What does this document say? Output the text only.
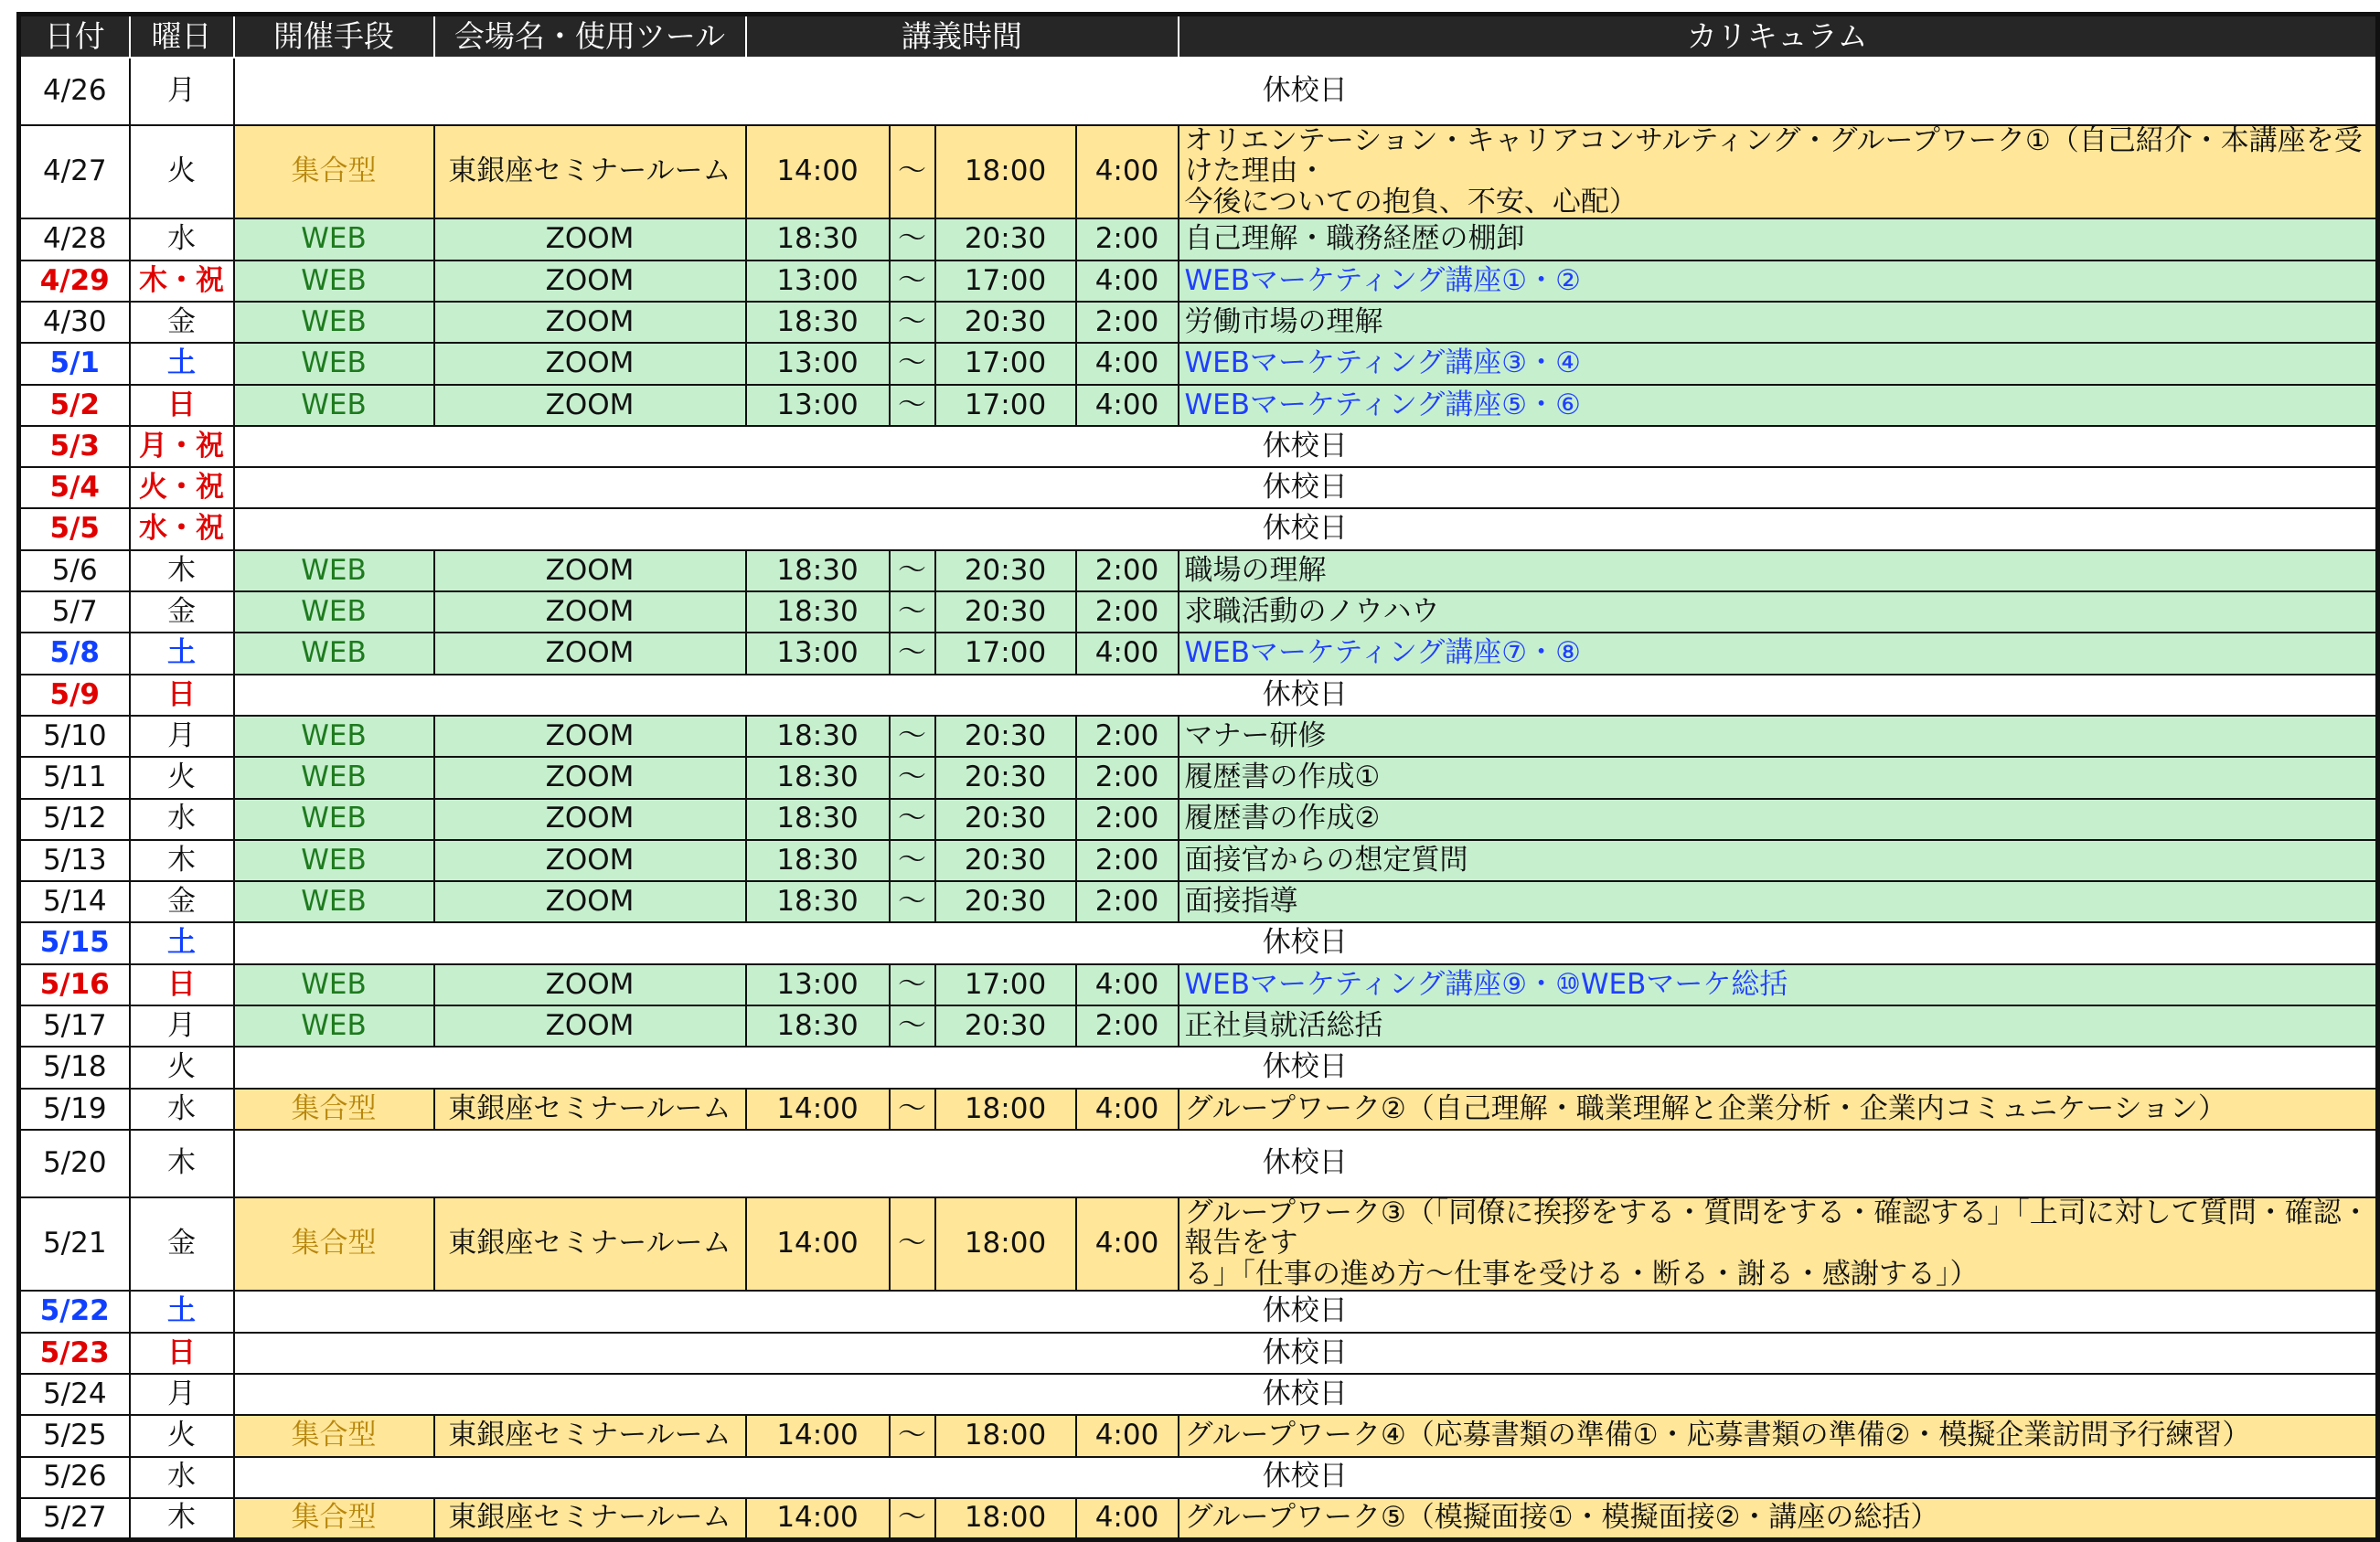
日付	曜日	開催手段	会場名・使用ツール	講義時間				カリキュラム
4/26	月	休校日						
4/27	火	集合型	東銀座セミナールーム	14:00	～	18:00	4:00	オリエンテーション・キャリアコンサルティング・グループワーク①（自己紹介・本講座を受けた理由・
今後についての抱負、不安、心配）
4/28	水	WEB	ZOOM	18:30	～	20:30	2:00	自己理解・職務経歴の棚卸
4/29	木・祝	WEB	ZOOM	13:00	～	17:00	4:00	WEBマーケティング講座①・②
4/30	金	WEB	ZOOM	18:30	～	20:30	2:00	労働市場の理解
5/1	土	WEB	ZOOM	13:00	～	17:00	4:00	WEBマーケティング講座③・④
5/2	日	WEB	ZOOM	13:00	～	17:00	4:00	WEBマーケティング講座⑤・⑥
5/3	月・祝	休校日						
5/4	火・祝	休校日						
5/5	水・祝	休校日						
5/6	木	WEB	ZOOM	18:30	～	20:30	2:00	職場の理解
5/7	金	WEB	ZOOM	18:30	～	20:30	2:00	求職活動のノウハウ
5/8	土	WEB	ZOOM	13:00	～	17:00	4:00	WEBマーケティング講座⑦・⑧
5/9	日	休校日						
5/10	月	WEB	ZOOM	18:30	～	20:30	2:00	マナー研修
5/11	火	WEB	ZOOM	18:30	～	20:30	2:00	履歴書の作成①
5/12	水	WEB	ZOOM	18:30	～	20:30	2:00	履歴書の作成②
5/13	木	WEB	ZOOM	18:30	～	20:30	2:00	面接官からの想定質問
5/14	金	WEB	ZOOM	18:30	～	20:30	2:00	面接指導
5/15	土	休校日						
5/16	日	WEB	ZOOM	13:00	～	17:00	4:00	WEBマーケティング講座⑨・⑩WEBマーケ総括
5/17	月	WEB	ZOOM	18:30	～	20:30	2:00	正社員就活総括
5/18	火	休校日						
5/19	水	集合型	東銀座セミナールーム	14:00	～	18:00	4:00	グループワーク②（自己理解・職業理解と企業分析・企業内コミュニケーション）
5/20	木	休校日						
5/21	金	集合型	東銀座セミナールーム	14:00	～	18:00	4:00	グループワーク③（「同僚に挨拶をする・質問をする・確認する」「上司に対して質問・確認・報告をす
る」「仕事の進め方～仕事を受ける・断る・謝る・感謝する」）
5/22	土	休校日						
5/23	日	休校日						
5/24	月	休校日						
5/25	火	集合型	東銀座セミナールーム	14:00	～	18:00	4:00	グループワーク④（応募書類の準備①・応募書類の準備②・模擬企業訪問予行練習）
5/26	水	休校日						
5/27	木	集合型	東銀座セミナールーム	14:00	～	18:00	4:00	グループワーク⑤（模擬面接①・模擬面接②・講座の総括）
